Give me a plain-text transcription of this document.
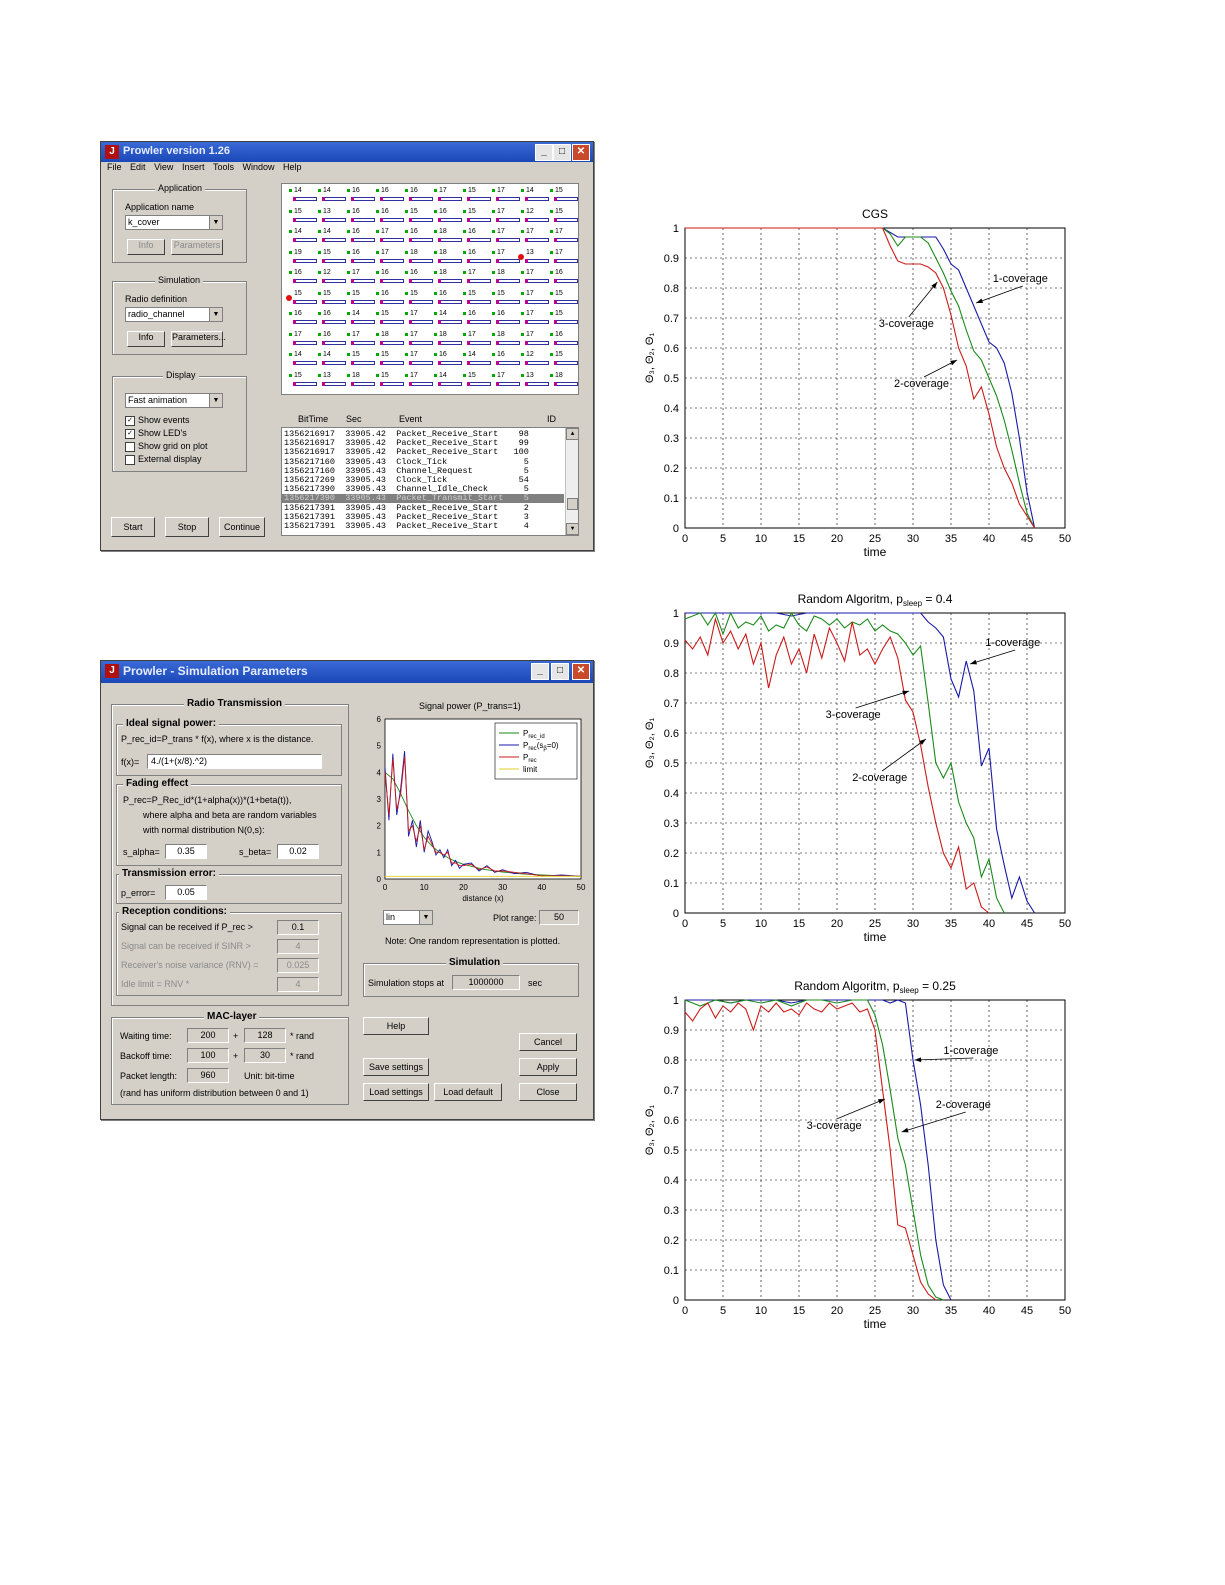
J Prowler version 1.26	_	□	✕
File Edit View Insert Tools Window Help
Application
Application name
k_cover	▼
Info	Parameters
Simulation
Radio definition
radio_channel	▼
Info	Parameters...
Display
Fast animation	▼
✓ Show events
✓ Show LED's
Show grid on plot
External display
Start	Stop	Continue
14	14	16	16	16	17	15	17	14	15
15	13	16	16	15	16	15	17	12	15
14	14	16	17	16	18	16	17	17	17
19	15	16	17	18	18	16	17	13	17
16	12	17	16	16	18	17	18	17	16
15	15	15	16	15	16	15	15	17	15
16	16	14	15	17	14	16	16	17	15
17	16	17	18	17	18	17	18	17	16
14	14	15	15	17	16	14	16	12	15
15	13	18	15	17	14	15	17	13	18
BitTime Sec	Event	ID
▲
▼
1356216917  33905.42  Packet_Receive_Start    98
1356216917  33905.42  Packet_Receive_Start    99
1356216917  33905.42  Packet_Receive_Start   100
1356217160  33905.43  Clock_Tick               5
1356217160  33905.43  Channel_Request          5
1356217269  33905.43  Clock_Tick              54
1356217390  33905.43  Channel_Idle_Check       5
1356217390  33905.43  Packet_Transmit_Start    5
1356217391  33905.43  Packet_Receive_Start     2
1356217391  33905.43  Packet_Receive_Start     3
1356217391  33905.43  Packet_Receive_Start     4
J Prowler - Simulation Parameters	_	□	✕
Radio Transmission
Ideal signal power:
P_rec_id=P_trans * f(x), where x is the distance.
f(x)=	4./(1+(x/8).^2)
Fading effect
P_rec=P_Rec_id*(1+alpha(x))*(1+beta(t)),
where alpha and beta are random variables
with normal distribution N(0,s):
s_alpha=	0.35	s_beta=	0.02
Transmission error:
p_error=	0.05
Reception conditions:
Signal can be received if P_rec >	0.1
Signal can be received if SINR >	4
Receiver's noise variance (RNV) =	0.025
Idle limit = RNV *	4
MAC-layer
Waiting time:	200	+	128	* rand
Backoff time:	100	+	30	* rand
Packet length:	960	Unit: bit-time
(rand has uniform distribution between 0 and 1)
Signal power (P_trans=1)
0	10	20	30	40	50
0
1
2
3
4
5
6
distance (x)
$P_{rec\_id}$
$P_{rec}(s_\beta=0)$
$P_{rec}$
limit
lin	▼	Plot range:	50
Note: One random representation is plotted.
Simulation
Simulation stops at	1000000	sec
Help
Cancel
Save settings	Apply
Load settings	Load default	Close
0	5	10 15 20 25 30 35 40 45 50
0
0.1
0.2
0.3
0.4
0.5
0.6
0.7
0.8
0.9
1
CGS
time
Θ₃, Θ₂, Θ₁
1-coverage
3-coverage
2-coverage
0	5	10 15 20 25 30 35 40 45 50
0
0.1
0.2
0.3
0.4
0.5
0.6
0.7
0.8
0.9
1
Random Algoritm, $p_{sleep} = 0.4$
time
Θ₃, Θ₂, Θ₁
1-coverage
3-coverage
2-coverage
0	5	10 15 20 25 30 35 40 45 50
0
0.1
0.2
0.3
0.4
0.5
0.6
0.7
0.8
0.9
1
Random Algoritm, $p_{sleep} = 0.25$
time
Θ₃, Θ₂, Θ₁
1-coverage
2-coverage
3-coverage
